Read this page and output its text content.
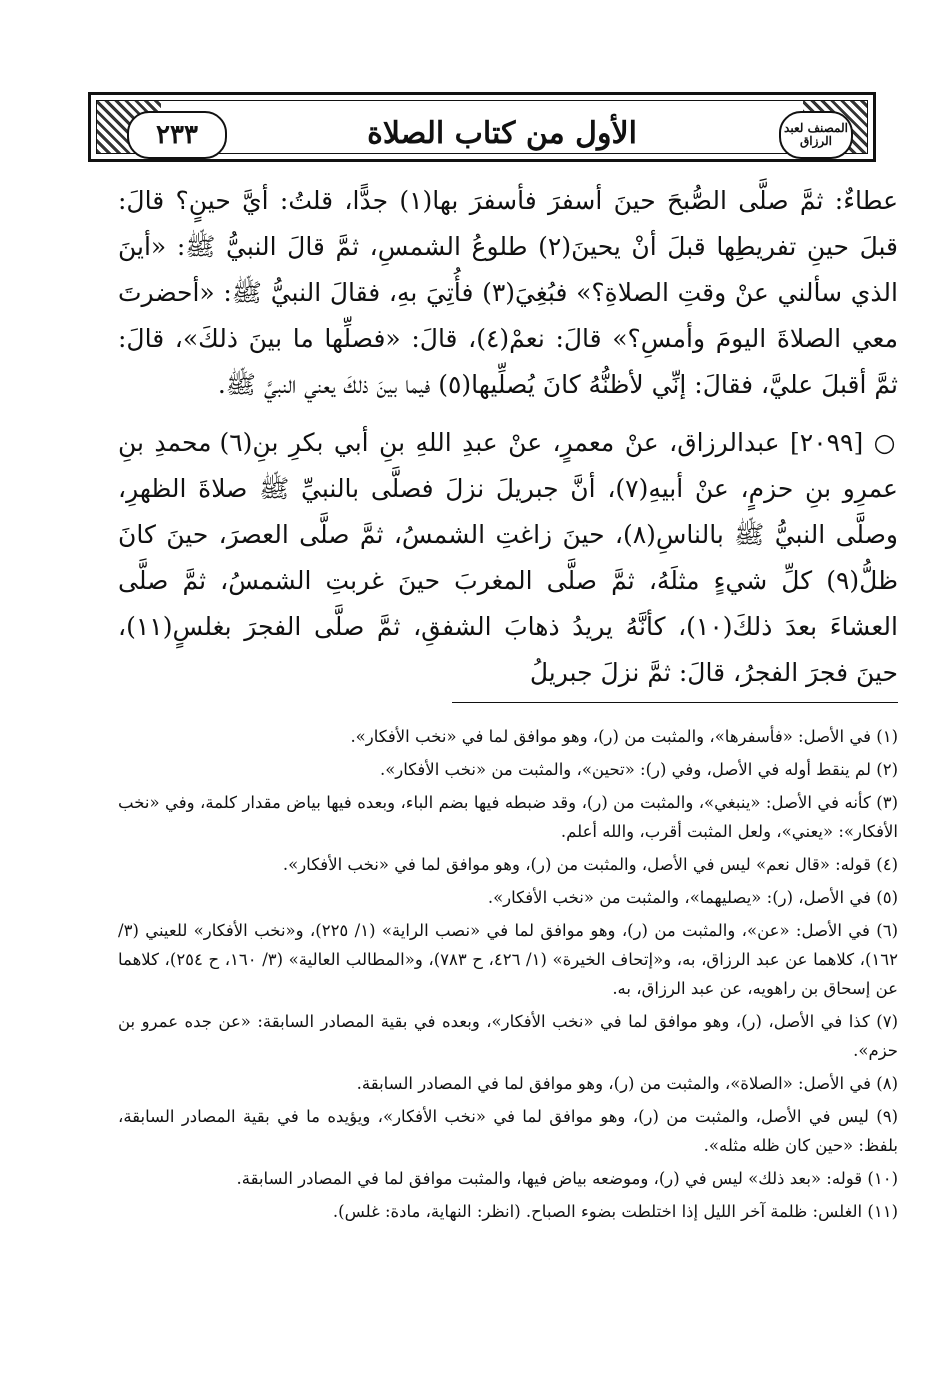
٢٣٣	الأول من كتاب الصلاة	المصنف لعبد الرزاق

عطاءٌ: ثمَّ صلَّى الصُّبحَ حينَ أسفرَ فأسفرَ بها(١) جدًّا، قلتُ: أيَّ حينٍ؟ قالَ: قبلَ حينِ تفريطِها قبلَ أنْ يحينَ(٢) طلوعُ الشمسِ، ثمَّ قالَ النبيُّ ﷺ: «أينَ الذي سألني عنْ وقتِ الصلاةِ؟» فبُغِيَ(٣) فأُتِيَ بهِ، فقالَ النبيُّ ﷺ: «أحضرتَ معي الصلاةَ اليومَ وأمسِ؟» قالَ: نعمْ(٤)، قالَ: «فصلِّها ما بينَ ذلكَ»، قالَ: ثمَّ أقبلَ عليَّ، فقالَ: إنِّي لأظنُّهُ كانَ يُصلِّيها(٥) فيما بينَ ذلكَ يعني النبيَّ ﷺ.

○ [٢٠٩٩] عبدالرزاق، عنْ معمرٍ، عنْ عبدِ اللهِ بنِ أبي بكرِ بنِ(٦) محمدِ بنِ عمرِو بنِ حزمٍ، عنْ أبيهِ(٧)، أنَّ جبريلَ نزلَ فصلَّى بالنبيِّ ﷺ صلاةَ الظهرِ، وصلَّى النبيُّ ﷺ بالناسِ(٨)، حينَ زاغتِ الشمسُ، ثمَّ صلَّى العصرَ، حينَ كانَ ظلُّ(٩) كلِّ شيءٍ مثلَهُ، ثمَّ صلَّى المغربَ حينَ غربتِ الشمسُ، ثمَّ صلَّى العشاءَ بعدَ ذلكَ(١٠)، كأنَّهُ يريدُ ذهابَ الشفقِ، ثمَّ صلَّى الفجرَ بغلسٍ(١١)، حينَ فجرَ الفجرُ، قالَ: ثمَّ نزلَ جبريلُ

(١) في الأصل: «فأسفرها»، والمثبت من (ر)، وهو موافق لما في «نخب الأفكار».

(٢) لم ينقط أوله في الأصل، وفي (ر): «تحين»، والمثبت من «نخب الأفكار».

(٣) كأنه في الأصل: «ينبغي»، والمثبت من (ر)، وقد ضبطه فيها بضم الباء، وبعده فيها بياض مقدار كلمة، وفي «نخب الأفكار»: «يعني»، ولعل المثبت أقرب، والله أعلم.

(٤) قوله: «قال نعم» ليس في الأصل، والمثبت من (ر)، وهو موافق لما في «نخب الأفكار».

(٥) في الأصل، (ر): «يصليهما»، والمثبت من «نخب الأفكار».

(٦) في الأصل: «عن»، والمثبت من (ر)، وهو موافق لما في «نصب الراية» (١/ ٢٢٥)، و«نخب الأفكار» للعيني (٣/ ١٦٢)، كلاهما عن عبد الرزاق، به، و«إتحاف الخيرة» (١/ ٤٢٦، ح ٧٨٣)، و«المطالب العالية» (٣/ ١٦٠، ح ٢٥٤)، كلاهما عن إسحاق بن راهويه، عن عبد الرزاق، به.

(٧) كذا في الأصل، (ر)، وهو موافق لما في «نخب الأفكار»، وبعده في بقية المصادر السابقة: «عن جده عمرو بن حزم».

(٨) في الأصل: «الصلاة»، والمثبت من (ر)، وهو موافق لما في المصادر السابقة.

(٩) ليس في الأصل، والمثبت من (ر)، وهو موافق لما في «نخب الأفكار»، ويؤيده ما في بقية المصادر السابقة، بلفظ: «حين كان ظله مثله».

(١٠) قوله: «بعد ذلك» ليس في (ر)، وموضعه بياض فيها، والمثبت موافق لما في المصادر السابقة.

(١١) الغلس: ظلمة آخر الليل إذا اختلطت بضوء الصباح. (انظر: النهاية، مادة: غلس).
